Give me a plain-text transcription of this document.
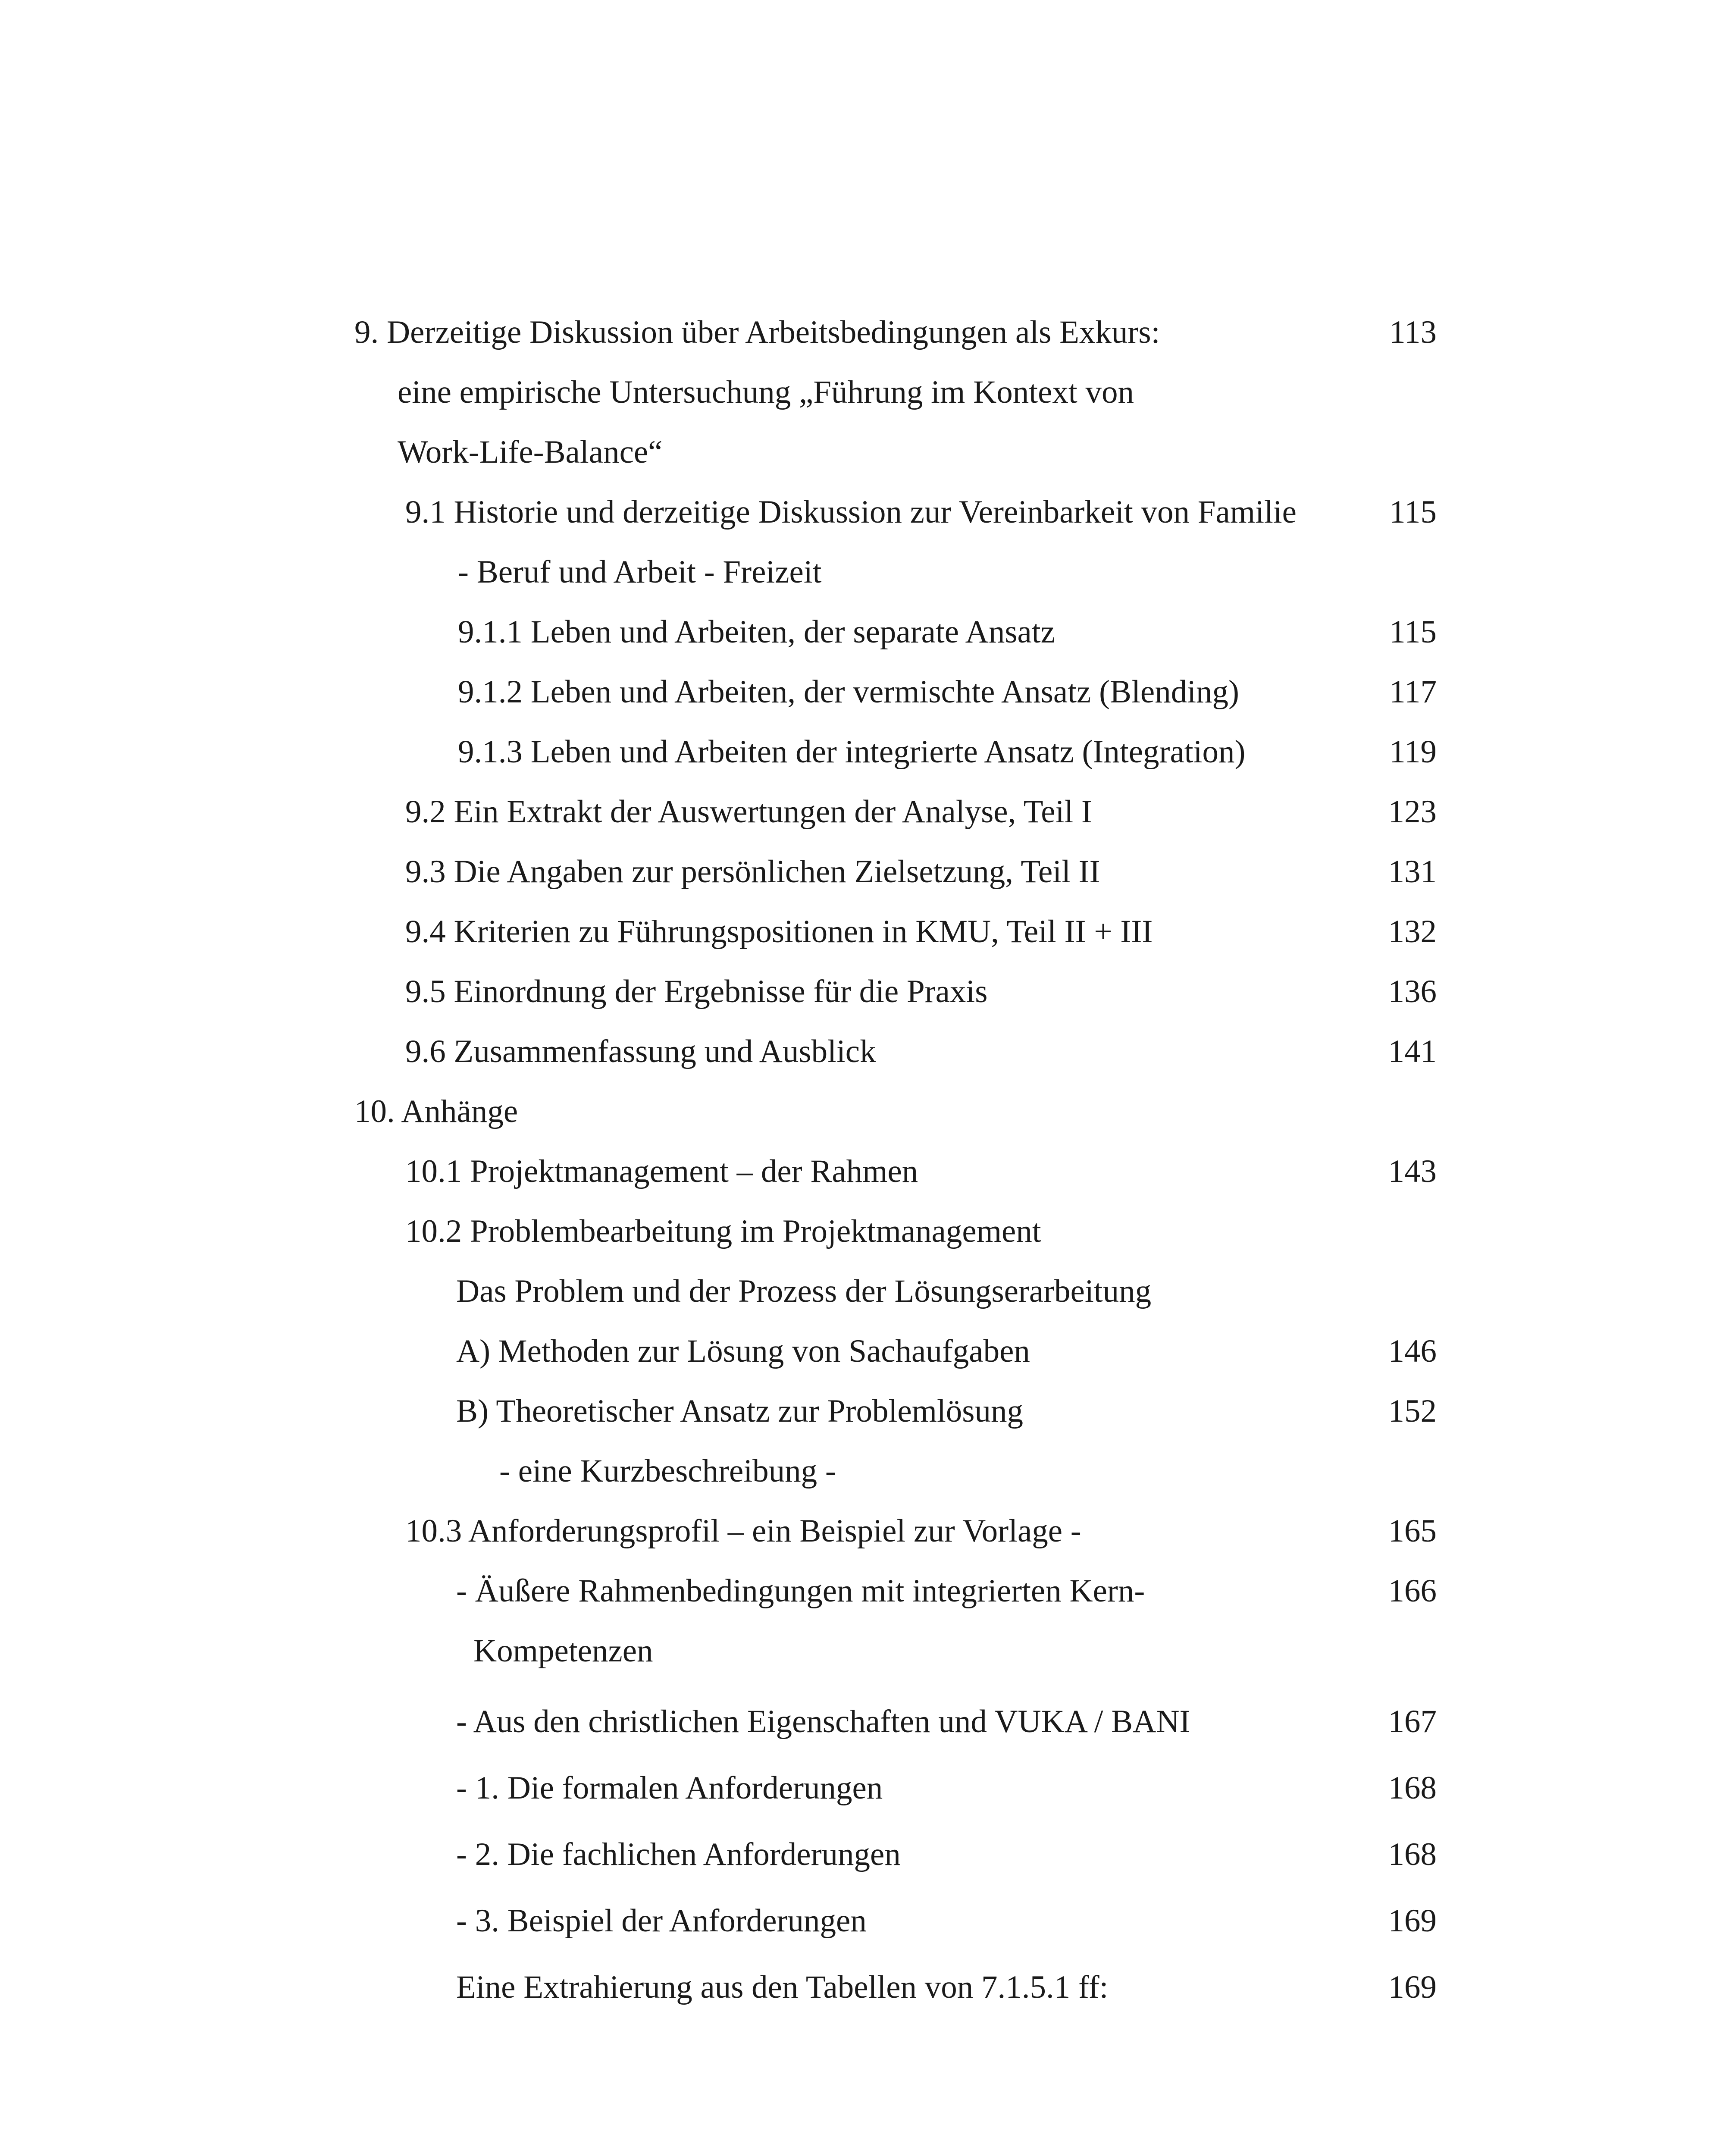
9. Derzeitige Diskussion über Arbeitsbedingungen als Exkurs:	113
eine empirische Untersuchung „Führung im Kontext von
Work-Life-Balance“
9.1 Historie und derzeitige Diskussion zur Vereinbarkeit von Familie	115
- Beruf und Arbeit - Freizeit
9.1.1 Leben und Arbeiten, der separate Ansatz	115
9.1.2 Leben und Arbeiten, der vermischte Ansatz (Blending)	117
9.1.3 Leben und Arbeiten der integrierte Ansatz (Integration)	119
9.2 Ein Extrakt der Auswertungen der Analyse, Teil I	123
9.3 Die Angaben zur persönlichen Zielsetzung, Teil II	131
9.4 Kriterien zu Führungspositionen in KMU, Teil II + III	132
9.5 Einordnung der Ergebnisse für die Praxis	136
9.6 Zusammenfassung und Ausblick	141
10. Anhänge
10.1 Projektmanagement – der Rahmen	143
10.2 Problembearbeitung im Projektmanagement
Das Problem und der Prozess der Lösungserarbeitung
A) Methoden zur Lösung von Sachaufgaben	146
B) Theoretischer Ansatz zur Problemlösung	152
- eine Kurzbeschreibung -
10.3 Anforderungsprofil – ein Beispiel zur Vorlage -	165
- Äußere Rahmenbedingungen mit integrierten Kern-	166
Kompetenzen
- Aus den christlichen Eigenschaften und VUKA / BANI	167
- 1. Die formalen Anforderungen	168
- 2. Die fachlichen Anforderungen	168
- 3. Beispiel der Anforderungen	169
Eine Extrahierung aus den Tabellen von 7.1.5.1 ff:	169
